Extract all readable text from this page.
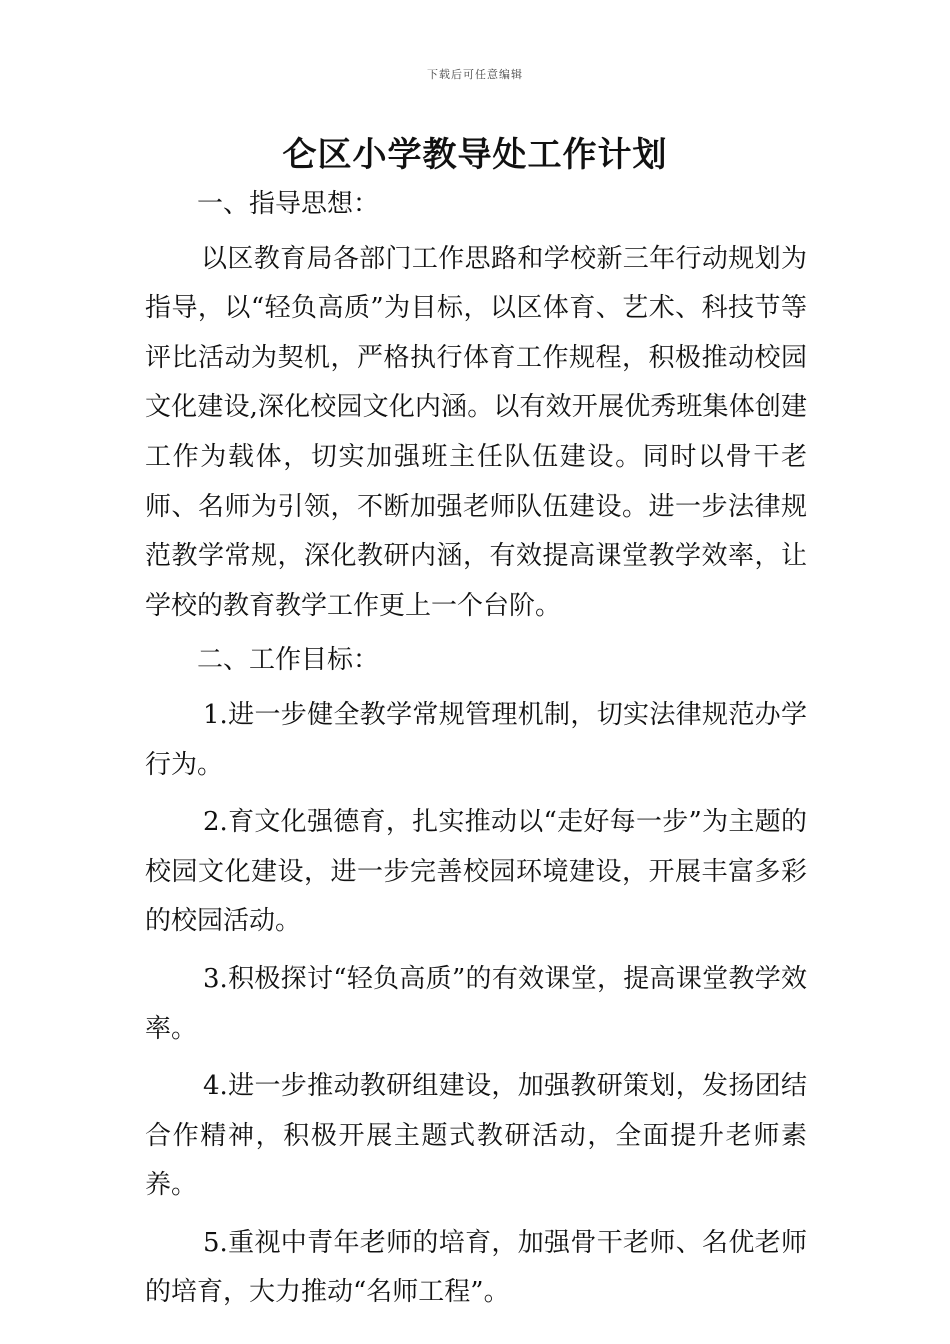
下载后可任意编辑
仑区小学教导处工作计划

一、指导思想：

以区教育局各部门工作思路和学校新三年行动规划为指导，以“轻负高质”为目标，以区体育、艺术、科技节等评比活动为契机，严格执行体育工作规程，积极推动校园文化建设,深化校园文化内涵。以有效开展优秀班集体创建工作为载体，切实加强班主任队伍建设。同时以骨干老师、名师为引领，不断加强老师队伍建设。进一步法律规范教学常规，深化教研内涵，有效提高课堂教学效率，让学校的教育教学工作更上一个台阶。

二、工作目标：

1.进一步健全教学常规管理机制，切实法律规范办学行为。

2.育文化强德育，扎实推动以“走好每一步”为主题的校园文化建设，进一步完善校园环境建设，开展丰富多彩的校园活动。

3.积极探讨“轻负高质”的有效课堂，提高课堂教学效率。

4.进一步推动教研组建设，加强教研策划，发扬团结合作精神，积极开展主题式教研活动，全面提升老师素养。

5.重视中青年老师的培育，加强骨干老师、名优老师的培育，大力推动“名师工程”。
